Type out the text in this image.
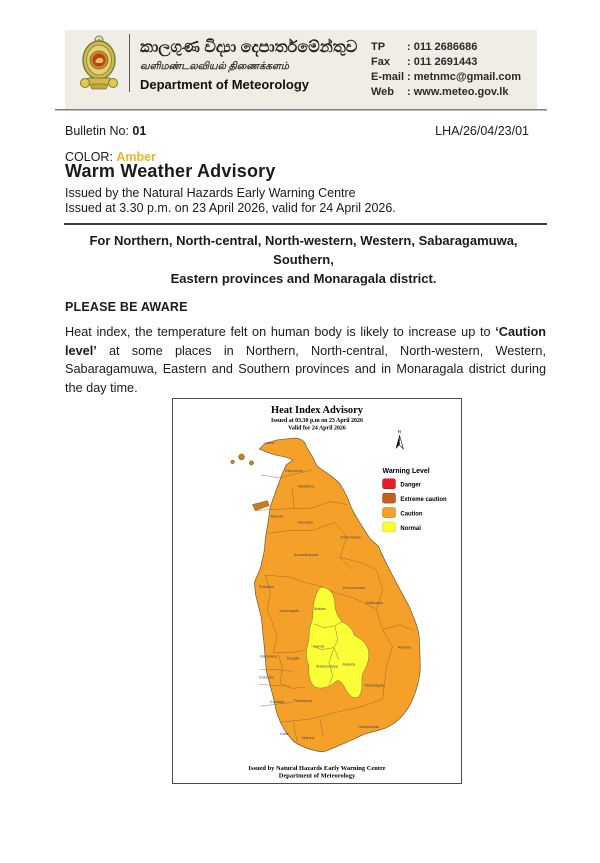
කාලගුණ විද්‍යා දෙපාර්තමේන්තුව
வளிமண்டலவியல் திணைக்களம்
Department of Meteorology
TP	: 011 2686686
Fax	: 011 2691443
E-mail : metnmc@gmail.com
Web	: www.meteo.gov.lk
Bulletin No: 01	LHA/26/04/23/01
COLOR: Amber
Warm Weather Advisory
Issued by the Natural Hazards Early Warning Centre
Issued at 3.30 p.m. on 23 April 2026, valid for 24 April 2026.
For Northern, North-central, North-western, Western, Sabaragamuwa, Southern,
Eastern provinces and Monaragala district.
PLEASE BE AWARE
Heat index, the temperature felt on human body is likely to increase up to ‘Caution level’ at some places in Northern, North-central, North-western, Western, Sabaragamuwa, Eastern and Southern provinces and in Monaragala district during the day time.
Heat Index Advisory
Issued at 03.30 p.m on 23 April 2026
Valid for 24 April 2026	N
Warning Level
Danger
Extreme caution
Caution
Normal
Jaffna
Kilinochchi
Mullaitivu
Mannar
Vavuniya
Trincomalee
Anuradhapura
Puttalam	Polonnaruwa
Batticaloa
Kurunegala	Matale
Ampara
Kandy
Gampaha	Kegalle
Nuwara Eliya Badulla
Colombo
Monaragala
Kalutara	Ratnapura
Hambantota
Galle
Matara
Issued by Natural Hazards Early Warning Centre
Department of Meteorology
